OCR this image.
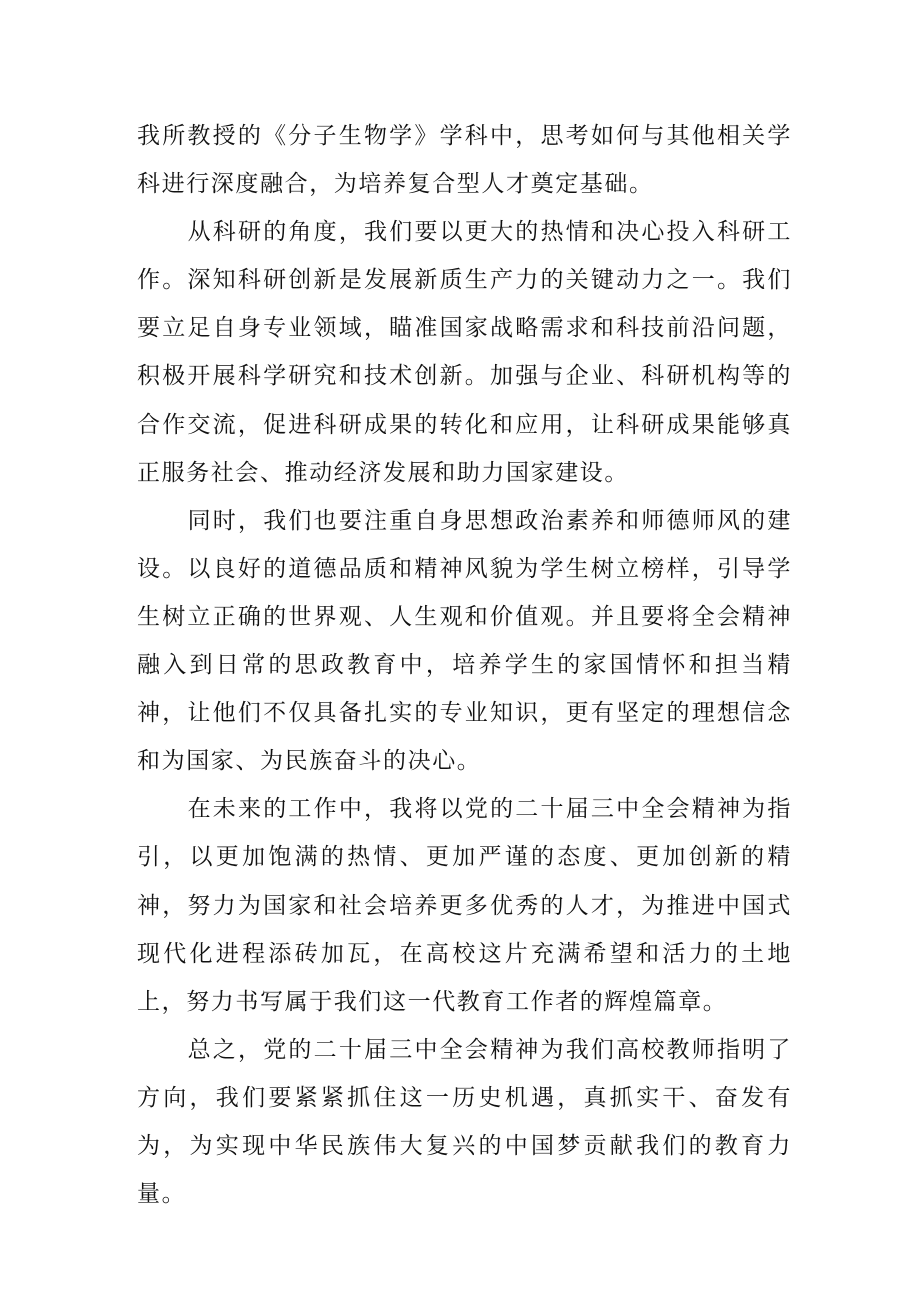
我所教授的《分子生物学》学科中，思考如何与其他相关学科进行深度融合，为培养复合型人才奠定基础。

从科研的角度，我们要以更大的热情和决心投入科研工作。深知科研创新是发展新质生产力的关键动力之一。我们要立足自身专业领域，瞄准国家战略需求和科技前沿问题，积极开展科学研究和技术创新。加强与企业、科研机构等的合作交流，促进科研成果的转化和应用，让科研成果能够真正服务社会、推动经济发展和助力国家建设。

同时，我们也要注重自身思想政治素养和师德师风的建设。以良好的道德品质和精神风貌为学生树立榜样，引导学生树立正确的世界观、人生观和价值观。并且要将全会精神融入到日常的思政教育中，培养学生的家国情怀和担当精神，让他们不仅具备扎实的专业知识，更有坚定的理想信念和为国家、为民族奋斗的决心。

在未来的工作中，我将以党的二十届三中全会精神为指引，以更加饱满的热情、更加严谨的态度、更加创新的精神，努力为国家和社会培养更多优秀的人才，为推进中国式现代化进程添砖加瓦，在高校这片充满希望和活力的土地上，努力书写属于我们这一代教育工作者的辉煌篇章。

总之，党的二十届三中全会精神为我们高校教师指明了方向，我们要紧紧抓住这一历史机遇，真抓实干、奋发有为，为实现中华民族伟大复兴的中国梦贡献我们的教育力量。
